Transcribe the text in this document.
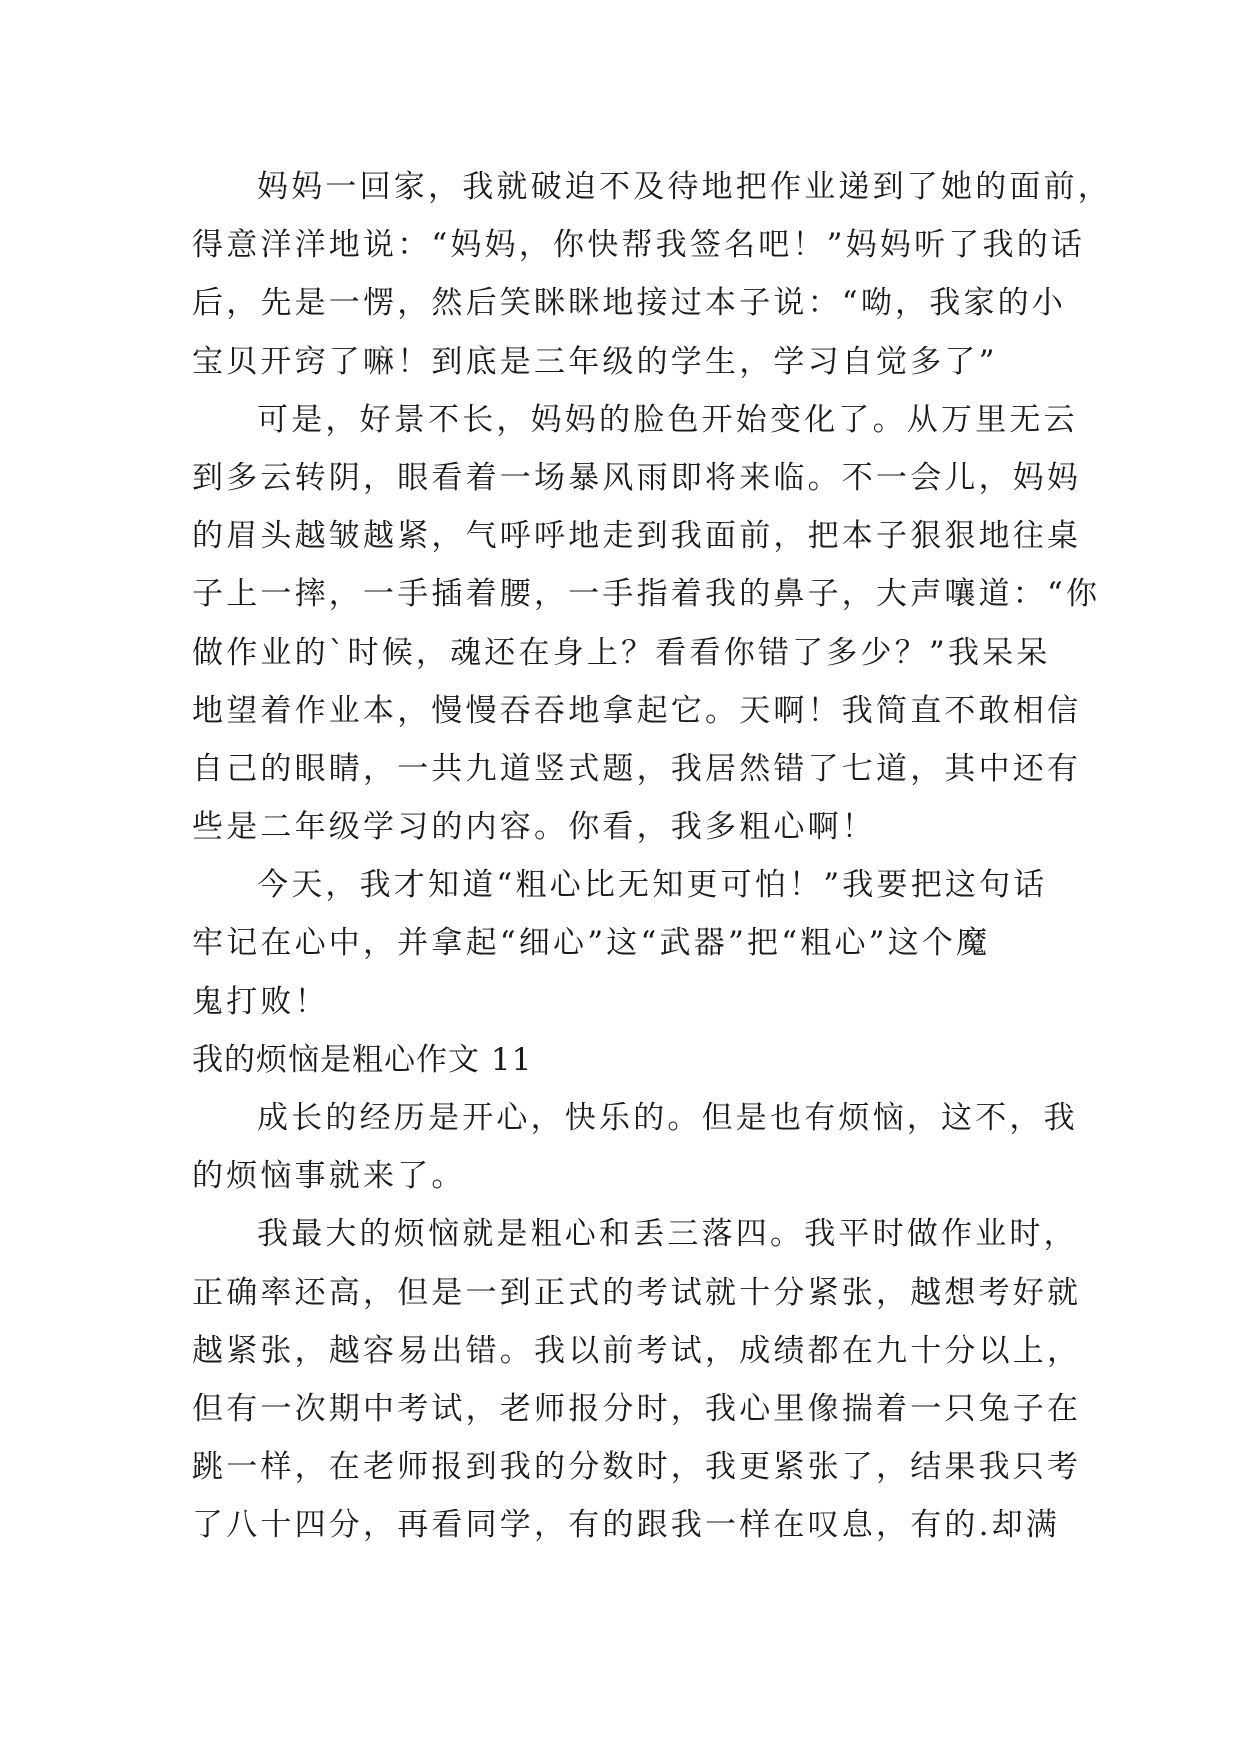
妈妈一回家，我就破迫不及待地把作业递到了她的面前，
得意洋洋地说：“妈妈，你快帮我签名吧！”妈妈听了我的话
后，先是一愣，然后笑眯眯地接过本子说：“呦，我家的小
宝贝开窍了嘛！到底是三年级的学生，学习自觉多了”
可是，好景不长，妈妈的脸色开始变化了。从万里无云
到多云转阴，眼看着一场暴风雨即将来临。不一会儿，妈妈
的眉头越皱越紧，气呼呼地走到我面前，把本子狠狠地往桌
子上一摔，一手插着腰，一手指着我的鼻子，大声嚷道：“你
做作业的`时候，魂还在身上？看看你错了多少？”我呆呆
地望着作业本，慢慢吞吞地拿起它。天啊！我简直不敢相信
自己的眼睛，一共九道竖式题，我居然错了七道，其中还有
些是二年级学习的内容。你看，我多粗心啊！
今天，我才知道“粗心比无知更可怕！”我要把这句话
牢记在心中，并拿起“细心”这“武器”把“粗心”这个魔
鬼打败！
我的烦恼是粗心作文 11
成长的经历是开心，快乐的。但是也有烦恼，这不，我
的烦恼事就来了。
我最大的烦恼就是粗心和丢三落四。我平时做作业时，
正确率还高，但是一到正式的考试就十分紧张，越想考好就
越紧张，越容易出错。我以前考试，成绩都在九十分以上，
但有一次期中考试，老师报分时，我心里像揣着一只兔子在
跳一样，在老师报到我的分数时，我更紧张了，结果我只考
了八十四分，再看同学，有的跟我一样在叹息，有的.却满
